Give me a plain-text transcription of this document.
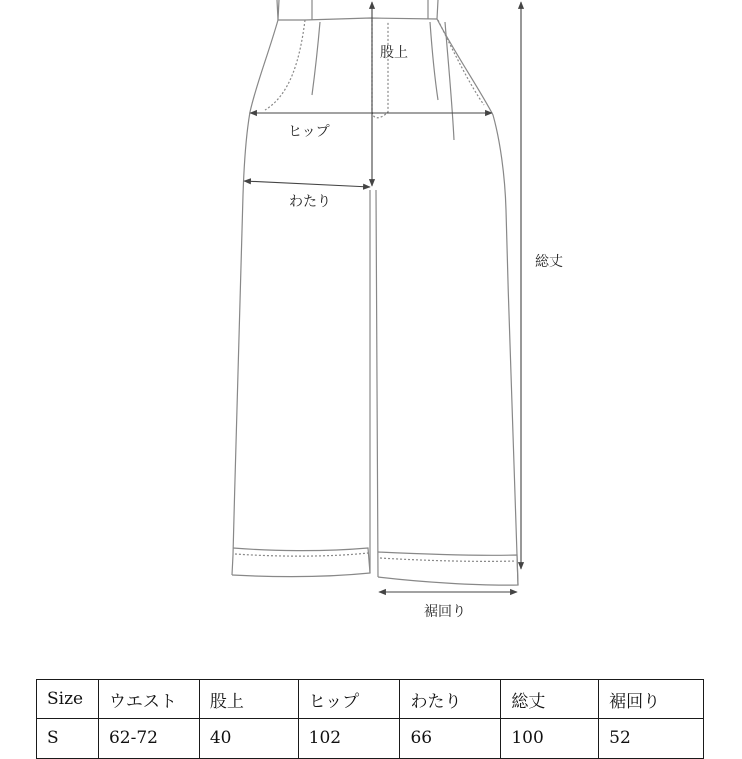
股上
ヒップ
わたり
総丈
裾回り
Size	ウエスト	股上	ヒップ	わたり	総丈	裾回り
S	62-72	40	102	66	100	52
